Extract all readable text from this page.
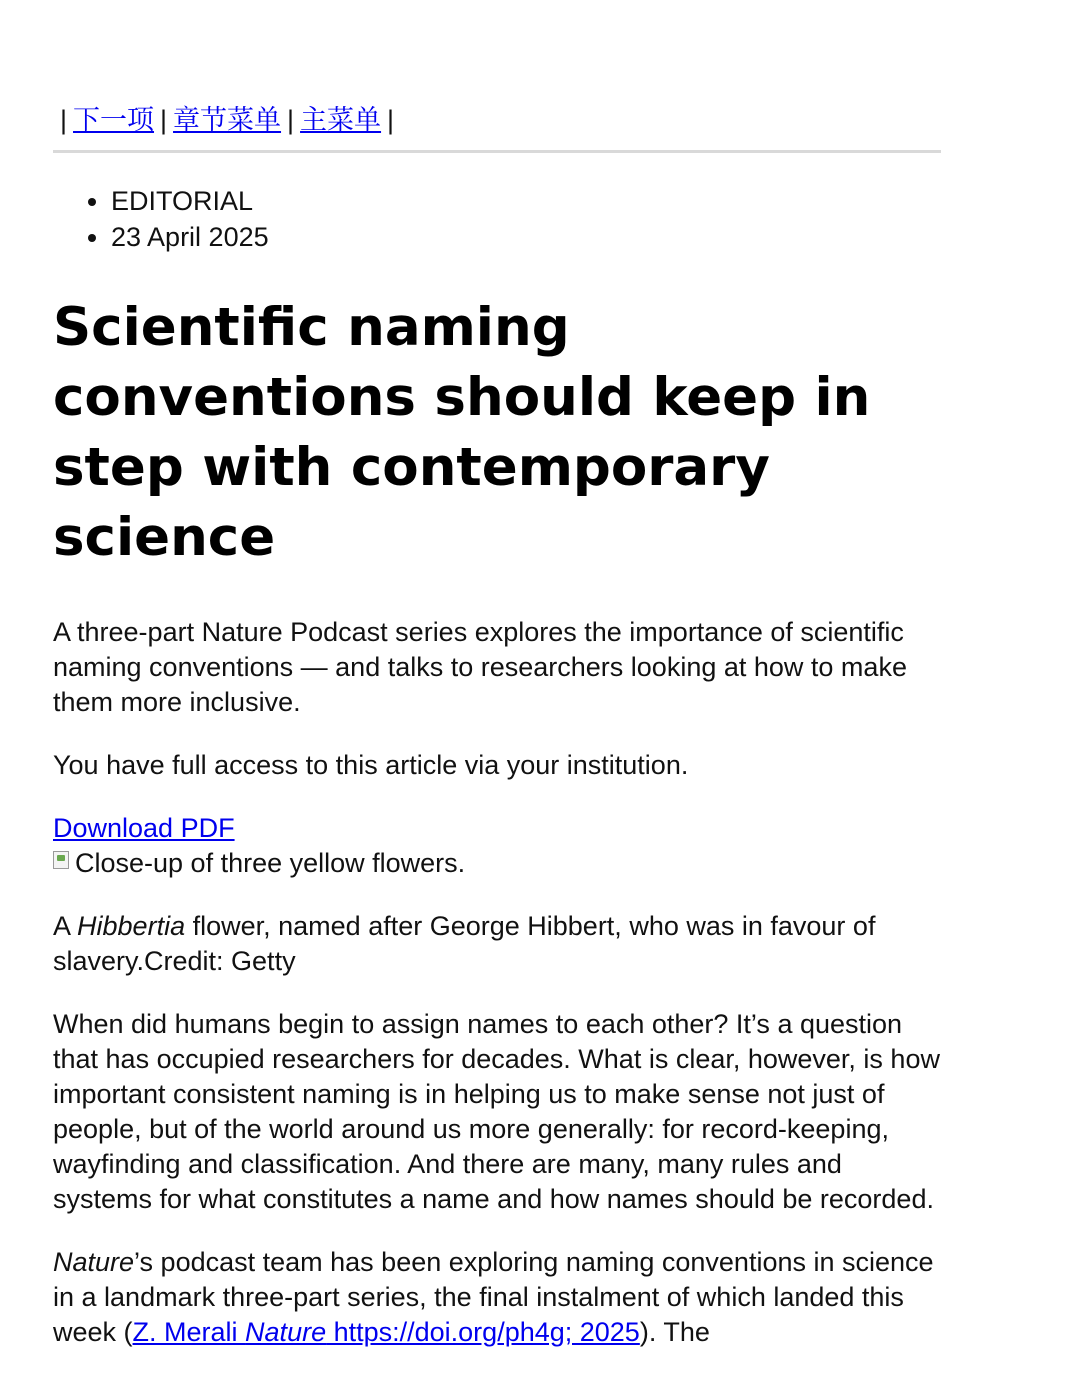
| 下一项 | 章节菜单 | 主菜单 |
• EDITORIAL
• 23 April 2025
Scientific naming conventions should keep in step with contemporary science

A three-part Nature Podcast series explores the importance of scientific naming conventions — and talks to researchers looking at how to make them more inclusive.

You have full access to this article via your institution.

Download PDF
Close-up of three yellow flowers.

A Hibbertia flower, named after George Hibbert, who was in favour of slavery.Credit: Getty

When did humans begin to assign names to each other? It’s a question that has occupied researchers for decades. What is clear, however, is how important consistent naming is in helping us to make sense not just of people, but of the world around us more generally: for record-keeping, wayfinding and classification. And there are many, many rules and systems for what constitutes a name and how names should be recorded.

Nature’s podcast team has been exploring naming conventions in science in a landmark three-part series, the final instalment of which landed this week (Z. Merali Nature https://doi.org/ph4g; 2025). The
